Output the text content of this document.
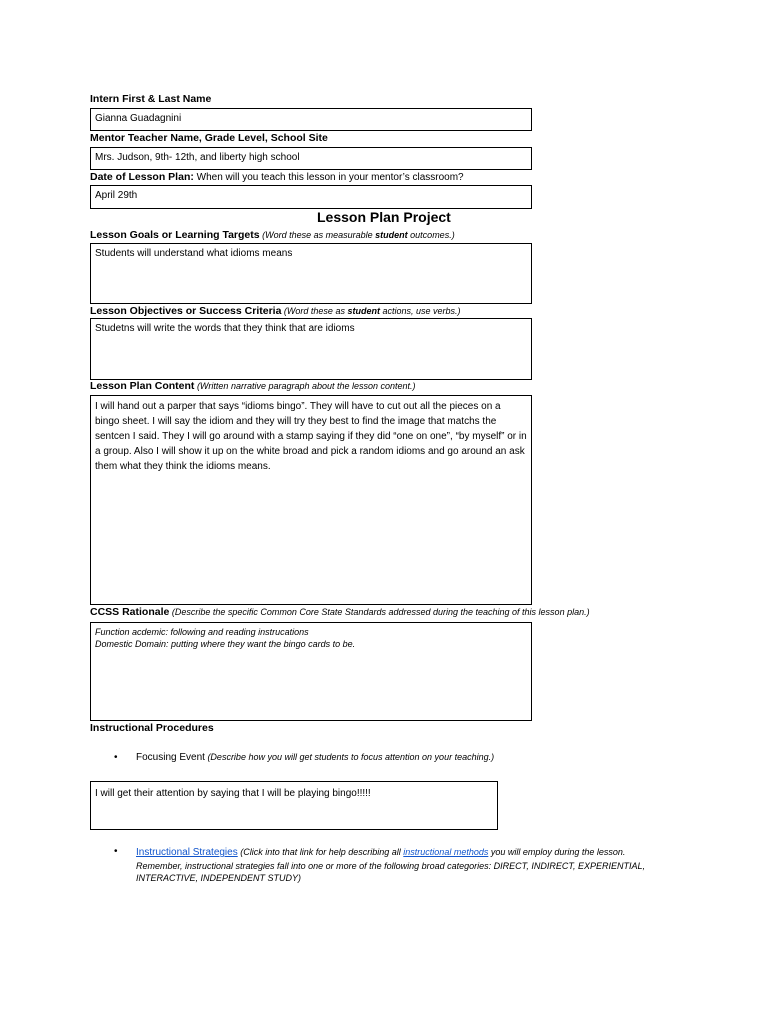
Intern First & Last Name
Gianna Guadagnini
Mentor Teacher Name, Grade Level, School Site
Mrs. Judson, 9th- 12th, and liberty high school
Date of Lesson Plan: When will you teach this lesson in your mentor’s classroom?
April 29th
Lesson Plan Project
Lesson Goals or Learning Targets (Word these as measurable student outcomes.)
Students will understand what idioms means
Lesson Objectives or Success Criteria (Word these as student actions, use verbs.)
Studetns will write the words that they think that are idioms
Lesson Plan Content (Written narrative paragraph about the lesson content.)
I will hand out a parper that says “idioms bingo”. They will have to cut out all the pieces on a bingo sheet. I will say the idiom and they will try they best to find the image that matchs the sentcen I said. They I will go around with a stamp saying if they did “one on one”, “by myself” or in a group. Also I will show it up on the white broad and pick a random idioms and go around an ask them what they think the idioms means.
CCSS Rationale (Describe the specific Common Core State Standards addressed during the teaching of this lesson plan.)

Function acdemic: following and reading instrucations

Domestic Domain: putting where they want the bingo cards to be.

Instructional Procedures
• Focusing Event (Describe how you will get students to focus attention on your teaching.)
I will get their attention by saying that I will be playing bingo!!!!!
• Instructional Strategies (Click into that link for help describing all instructional methods you will employ during the lesson.
Remember, instructional strategies fall into one or more of the following broad categories: DIRECT, INDIRECT, EXPERIENTIAL,
INTERACTIVE, INDEPENDENT STUDY)
